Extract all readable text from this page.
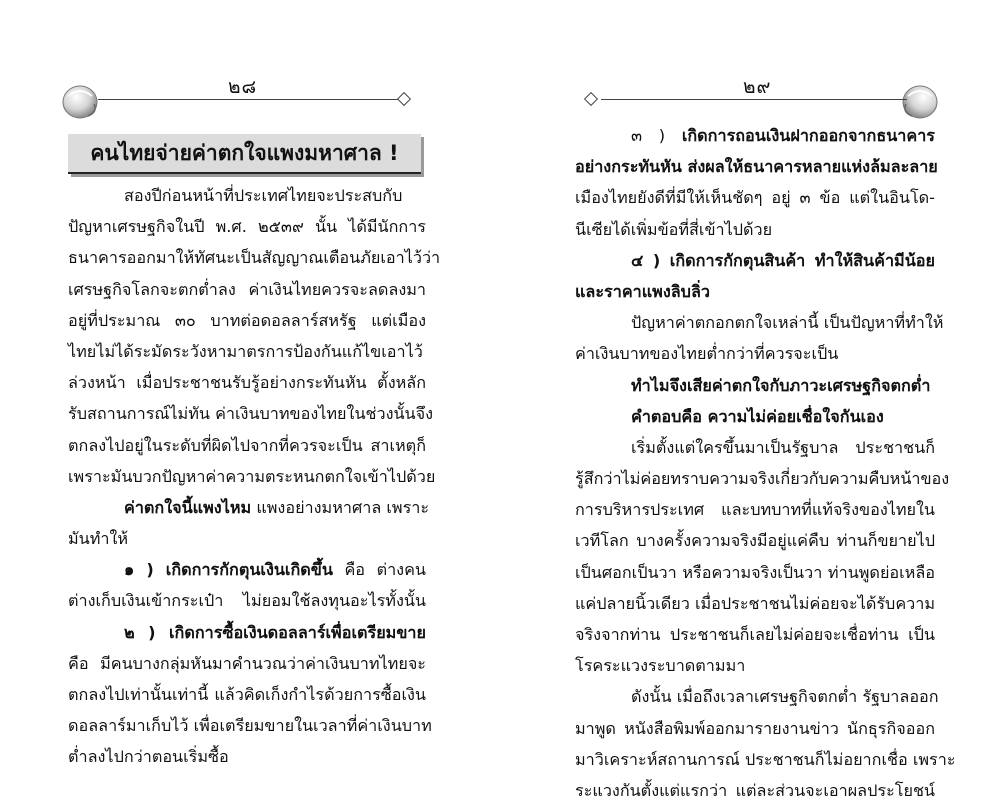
๒๘
คนไทยจ่ายค่าตกใจแพงมหาศาล !
สองปีก่อนหน้าที่ประเทศไทยจะประสบกับ
ปัญหาเศรษฐกิจในปี พ.ศ. ๒๕๓๙ นั้น ได้มีนักการ
ธนาคารออกมาให้ทัศนะเป็นสัญญาณเตือนภัยเอาไว้ว่า
เศรษฐกิจโลกจะตกต่ำลง ค่าเงินไทยควรจะลดลงมา
อยู่ที่ประมาณ ๓๐ บาทต่อดอลลาร์สหรัฐ แต่เมือง
ไทยไม่ได้ระมัดระวังหามาตรการป้องกันแก้ไขเอาไว้
ล่วงหน้า เมื่อประชาชนรับรู้อย่างกระทันหัน ตั้งหลัก
รับสถานการณ์ไม่ทัน ค่าเงินบาทของไทยในช่วงนั้นจึง
ตกลงไปอยู่ในระดับที่ผิดไปจากที่ควรจะเป็น สาเหตุก็
เพราะมันบวกปัญหาค่าความตระหนกตกใจเข้าไปด้วย
ค่าตกใจนี้แพงไหม แพงอย่างมหาศาล เพราะ
มันทำให้
๑ ) เกิดการกักตุนเงินเกิดขึ้น คือ ต่างคน
ต่างเก็บเงินเข้ากระเป๋า ไม่ยอมใช้ลงทุนอะไรทั้งนั้น
๒ ) เกิดการซื้อเงินดอลลาร์เพื่อเตรียมขาย
คือ มีคนบางกลุ่มหันมาคำนวณว่าค่าเงินบาทไทยจะ
ตกลงไปเท่านั้นเท่านี้ แล้วคิดเก็งกำไรด้วยการซื้อเงิน
ดอลลาร์มาเก็บไว้ เพื่อเตรียมขายในเวลาที่ค่าเงินบาท
ต่ำลงไปกว่าตอนเริ่มซื้อ
๒๙
๓ ) เกิดการถอนเงินฝากออกจากธนาคาร
อย่างกระทันหัน ส่งผลให้ธนาคารหลายแห่งล้มละลาย
เมืองไทยยังดีที่มีให้เห็นชัดๆ อยู่ ๓ ข้อ แต่ในอินโด-
นีเซียได้เพิ่มข้อที่สี่เข้าไปด้วย
๔ ) เกิดการกักตุนสินค้า ทำให้สินค้ามีน้อย
และราคาแพงลิบลิ่ว
ปัญหาค่าตกอกตกใจเหล่านี้ เป็นปัญหาที่ทำให้
ค่าเงินบาทของไทยต่ำกว่าที่ควรจะเป็น
ทำไมจึงเสียค่าตกใจกับภาวะเศรษฐกิจตกต่ำ
คำตอบคือ ความไม่ค่อยเชื่อใจกันเอง
เริ่มตั้งแต่ใครขึ้นมาเป็นรัฐบาล ประชาชนก็
รู้สึกว่าไม่ค่อยทราบความจริงเกี่ยวกับความคืบหน้าของ
การบริหารประเทศ และบทบาทที่แท้จริงของไทยใน
เวทีโลก บางครั้งความจริงมีอยู่แค่คืบ ท่านก็ขยายไป
เป็นศอกเป็นวา หรือความจริงเป็นวา ท่านพูดย่อเหลือ
แค่ปลายนิ้วเดียว เมื่อประชาชนไม่ค่อยจะได้รับความ
จริงจากท่าน ประชาชนก็เลยไม่ค่อยจะเชื่อท่าน เป็น
โรคระแวงระบาดตามมา
ดังนั้น เมื่อถึงเวลาเศรษฐกิจตกต่ำ รัฐบาลออก
มาพูด หนังสือพิมพ์ออกมารายงานข่าว นักธุรกิจออก
มาวิเคราะห์สถานการณ์ ประชาชนก็ไม่อยากเชื่อ เพราะ
ระแวงกันตั้งแต่แรกว่า แต่ละส่วนจะเอาผลประโยชน์
